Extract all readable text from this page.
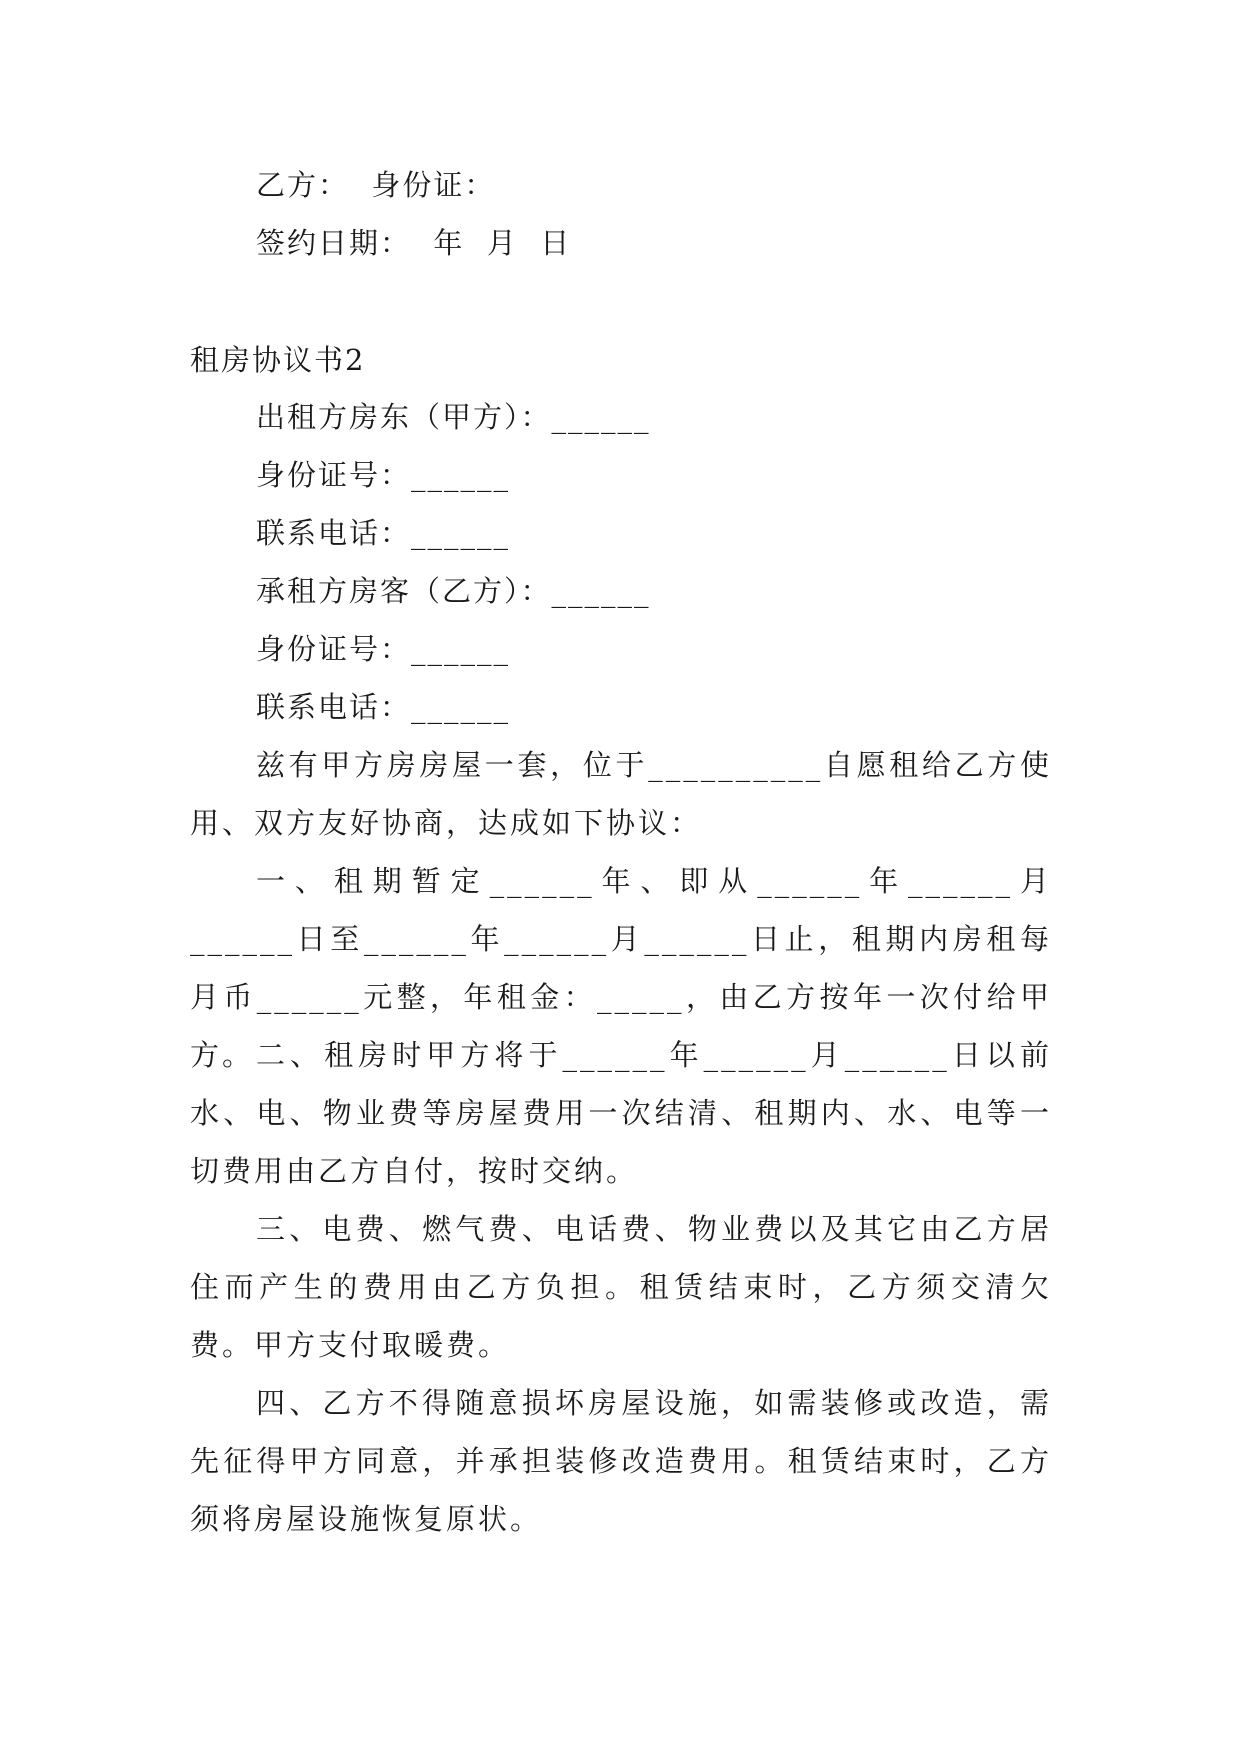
乙方：  身份证：
签约日期：  年  月  日
租房协议书2
出租方房东（甲方）：______
身份证号：______
联系电话：______
承租方房客（乙方）：______
身份证号：______
联系电话：______
兹有甲方房房屋一套，位于__________自愿租给乙方使用、双方友好协商，达成如下协议：
一、租期暂定______年、即从______年______月______日至______年______月______日止，租期内房租每月币______元整，年租金：_____，由乙方按年一次付给甲方。 二、租房时甲方将于______年______月______日以前水、电、物业费等房屋费用一次结清、租期内、水、电等一切费用由乙方自付，按时交纳。
三、电费、燃气费、电话费、物业费以及其它由乙方居住而产生的费用由乙方负担。租赁结束时，乙方须交清欠费。甲方支付取暖费。
四、乙方不得随意损坏房屋设施，如需装修或改造，需先征得甲方同意，并承担装修改造费用。租赁结束时，乙方须将房屋设施恢复原状。
